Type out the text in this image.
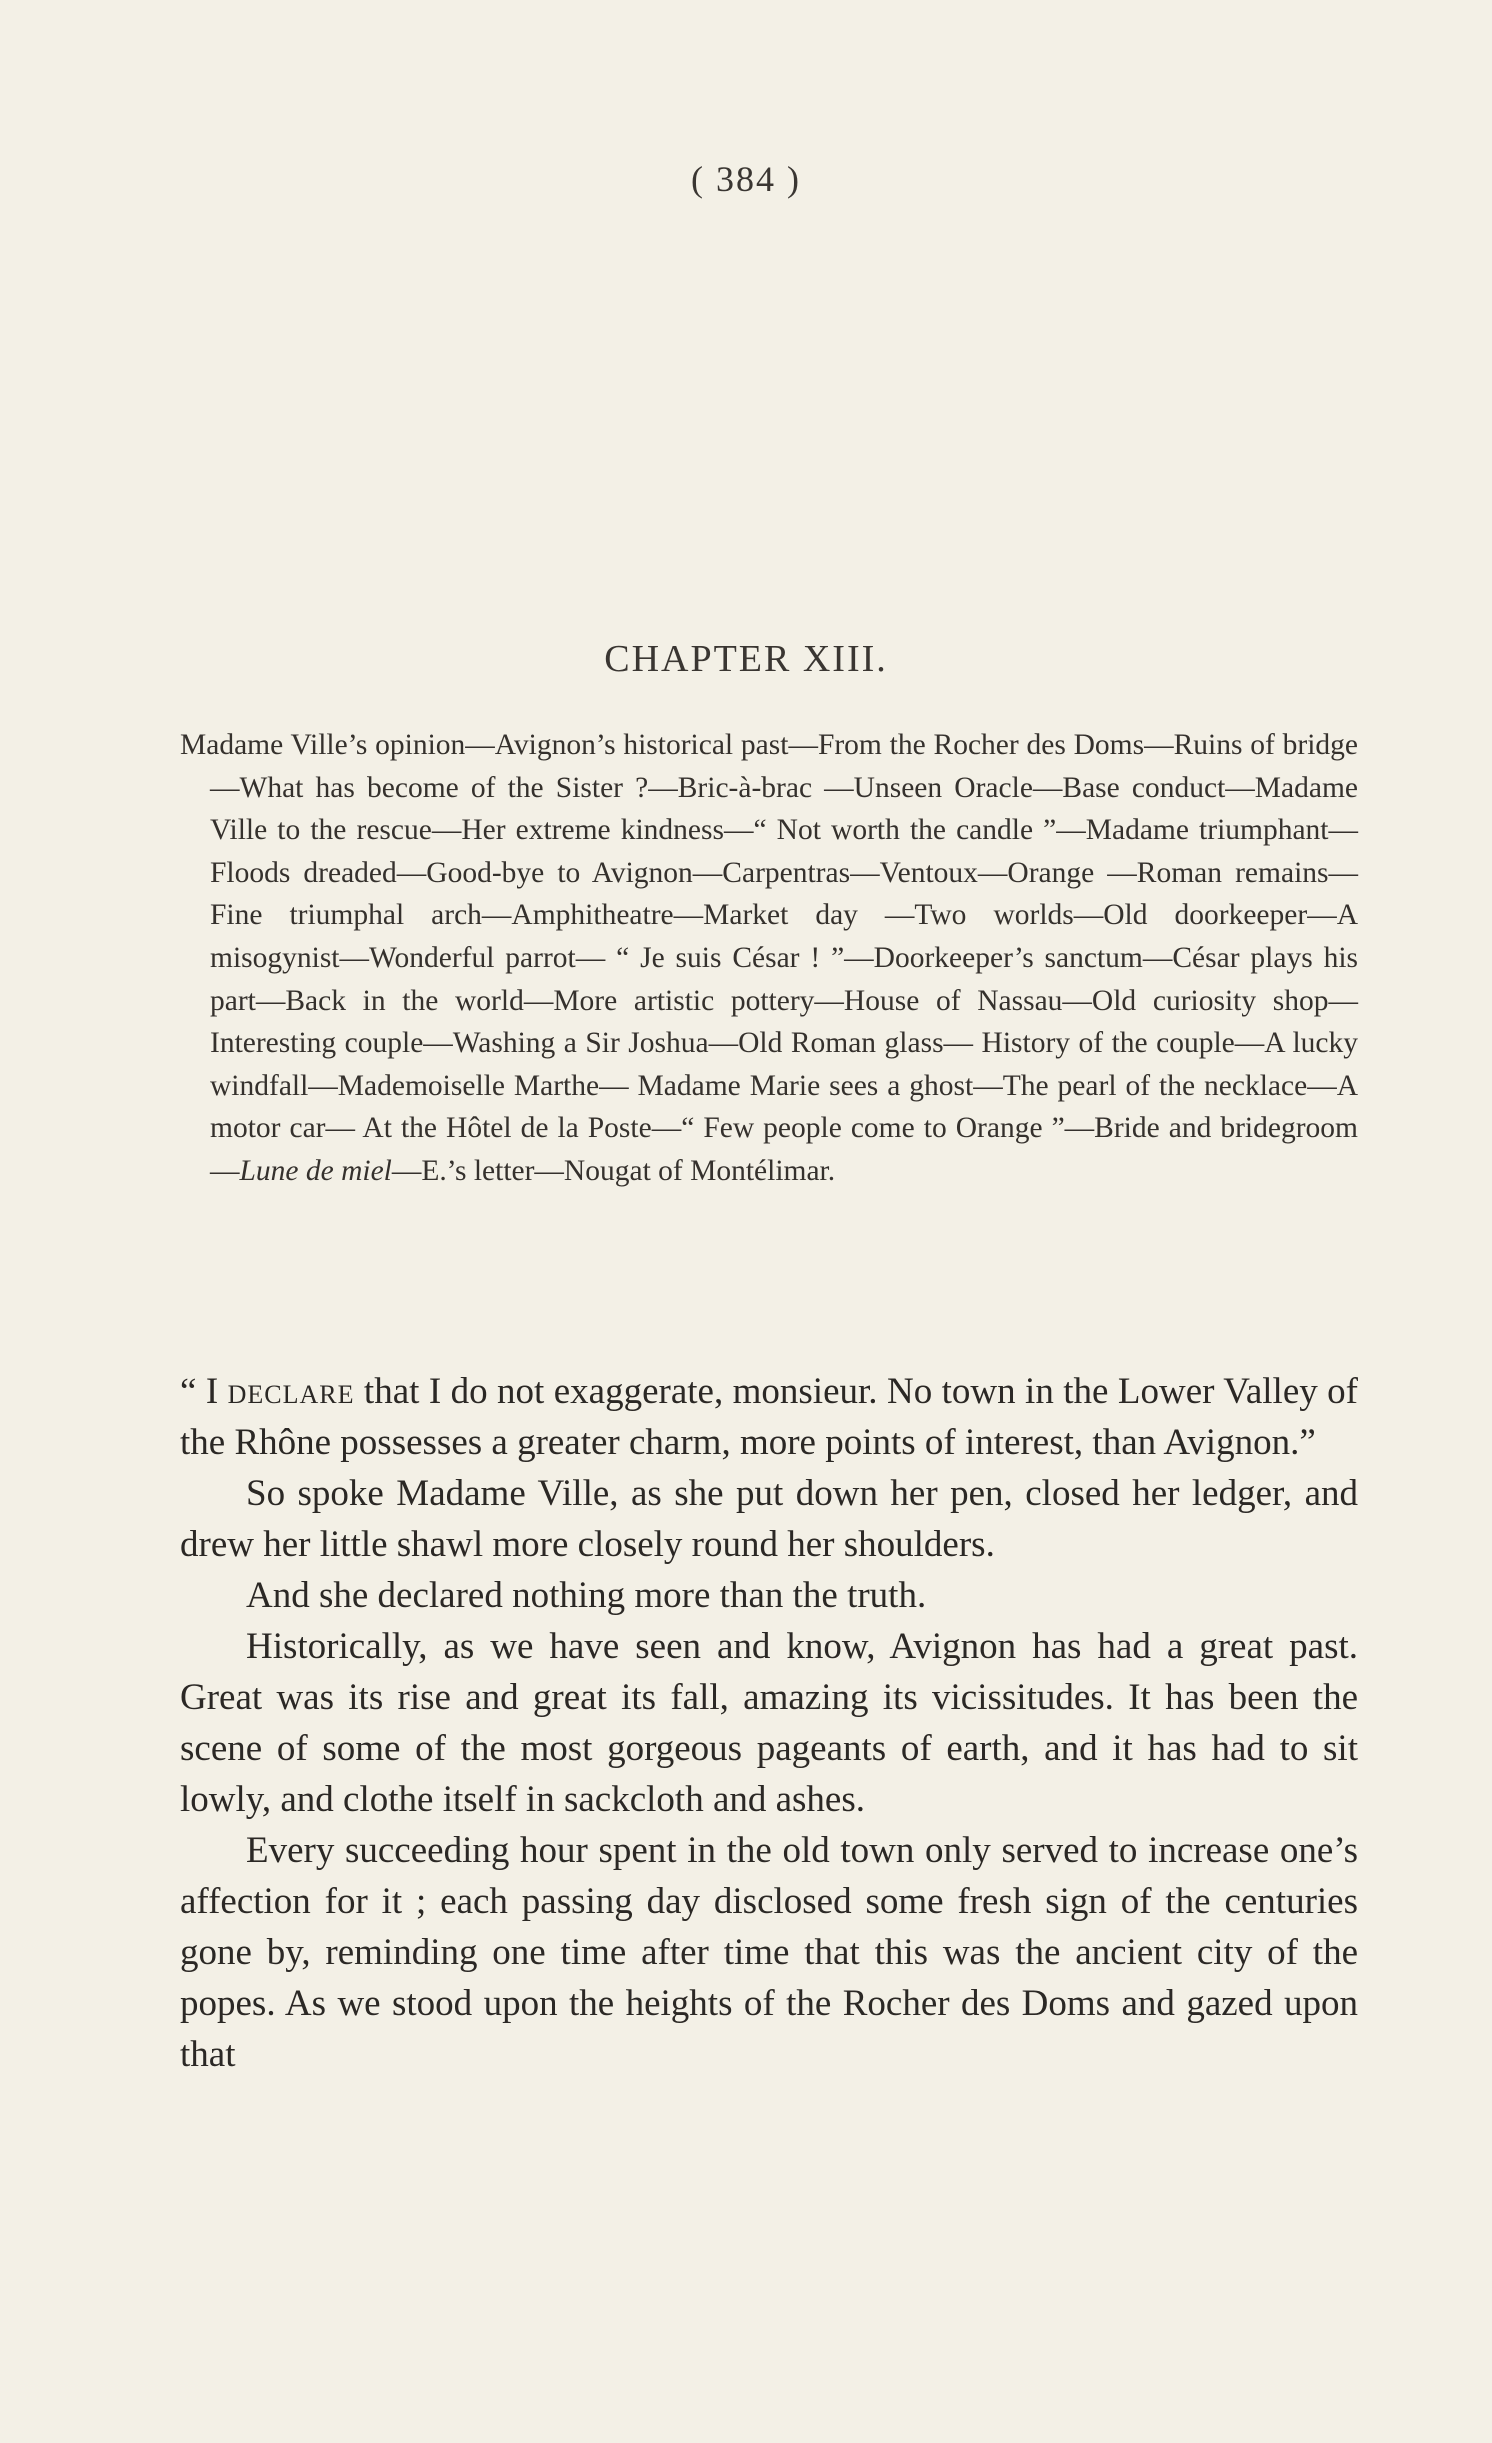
( 384 )
CHAPTER XIII.
Madame Ville’s opinion—Avignon’s historical past—From the Rocher des Doms—Ruins of bridge—What has become of the Sister ?—Bric-à-brac —Unseen Oracle—Base conduct—Madame Ville to the rescue—Her extreme kindness—“ Not worth the candle ”—Madame triumphant— Floods dreaded—Good-bye to Avignon—Carpentras—Ventoux—Orange —Roman remains—Fine triumphal arch—Amphitheatre—Market day —Two worlds—Old doorkeeper—A misogynist—Wonderful parrot— “ Je suis César ! ”—Doorkeeper’s sanctum—César plays his part—Back in the world—More artistic pottery—House of Nassau—Old curiosity shop—Interesting couple—Washing a Sir Joshua—Old Roman glass— History of the couple—A lucky windfall—Mademoiselle Marthe— Madame Marie sees a ghost—The pearl of the necklace—A motor car— At the Hôtel de la Poste—“ Few people come to Orange ”—Bride and bridegroom—Lune de miel—E.’s letter—Nougat of Montélimar.

“ I declare that I do not exaggerate, monsieur. No town in the Lower Valley of the Rhône possesses a greater charm, more points of interest, than Avignon.”

So spoke Madame Ville, as she put down her pen, closed her ledger, and drew her little shawl more closely round her shoulders.

And she declared nothing more than the truth.

Historically, as we have seen and know, Avignon has had a great past. Great was its rise and great its fall, amazing its vicissitudes. It has been the scene of some of the most gorgeous pageants of earth, and it has had to sit lowly, and clothe itself in sackcloth and ashes.

Every succeeding hour spent in the old town only served to increase one’s affection for it ; each passing day disclosed some fresh sign of the centuries gone by, reminding one time after time that this was the ancient city of the popes. As we stood upon the heights of the Rocher des Doms and gazed upon that
